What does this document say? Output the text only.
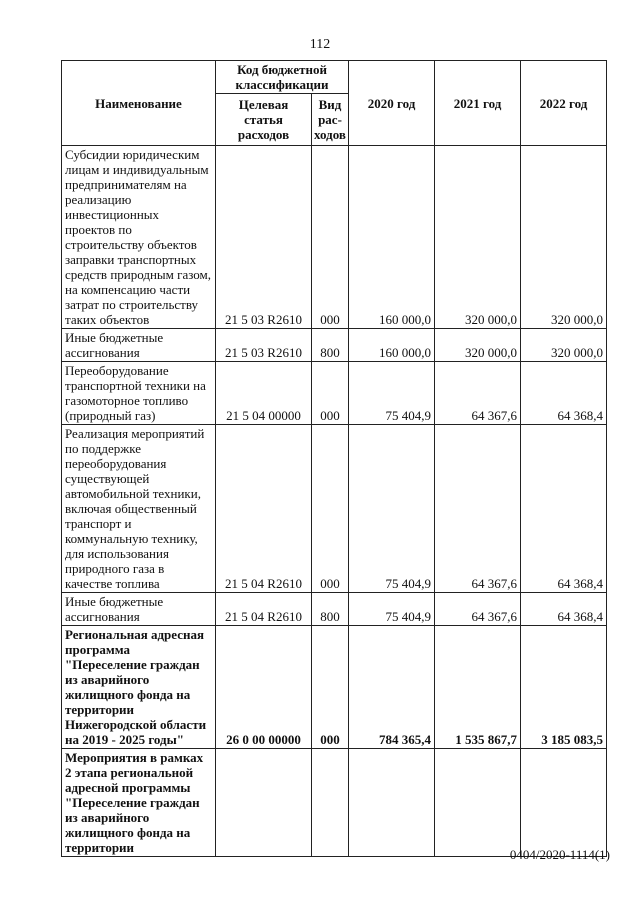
112
Наименование	Код бюджетной классификации		2020 год	2021 год	2022 год
	Целевая статья расходов	Вид рас-ходов			
Субсидии юридическим лицам и индивидуальным предпринимателям на реализацию инвестиционных проектов по строительству объектов заправки транспортных средств природным газом, на компенсацию части затрат по строительству таких объектов	21 5 03 R2610	000	160 000,0	320 000,0	320 000,0
Иные бюджетные ассигнования	21 5 03 R2610	800	160 000,0	320 000,0	320 000,0
Переоборудование транспортной техники на газомоторное топливо (природный газ)	21 5 04 00000	000	75 404,9	64 367,6	64 368,4
Реализация мероприятий по поддержке переоборудования существующей автомобильной техники, включая общественный транспорт и коммунальную технику, для использования природного газа в качестве топлива	21 5 04 R2610	000	75 404,9	64 367,6	64 368,4
Иные бюджетные ассигнования	21 5 04 R2610	800	75 404,9	64 367,6	64 368,4
Региональная адресная программа "Переселение граждан из аварийного жилищного фонда на территории Нижегородской области на 2019 - 2025 годы"	26 0 00 00000	000	784 365,4	1 535 867,7	3 185 083,5
Мероприятия в рамках 2 этапа региональной адресной программы "Переселение граждан из аварийного жилищного фонда на территории						0404/2020-1114(1)
